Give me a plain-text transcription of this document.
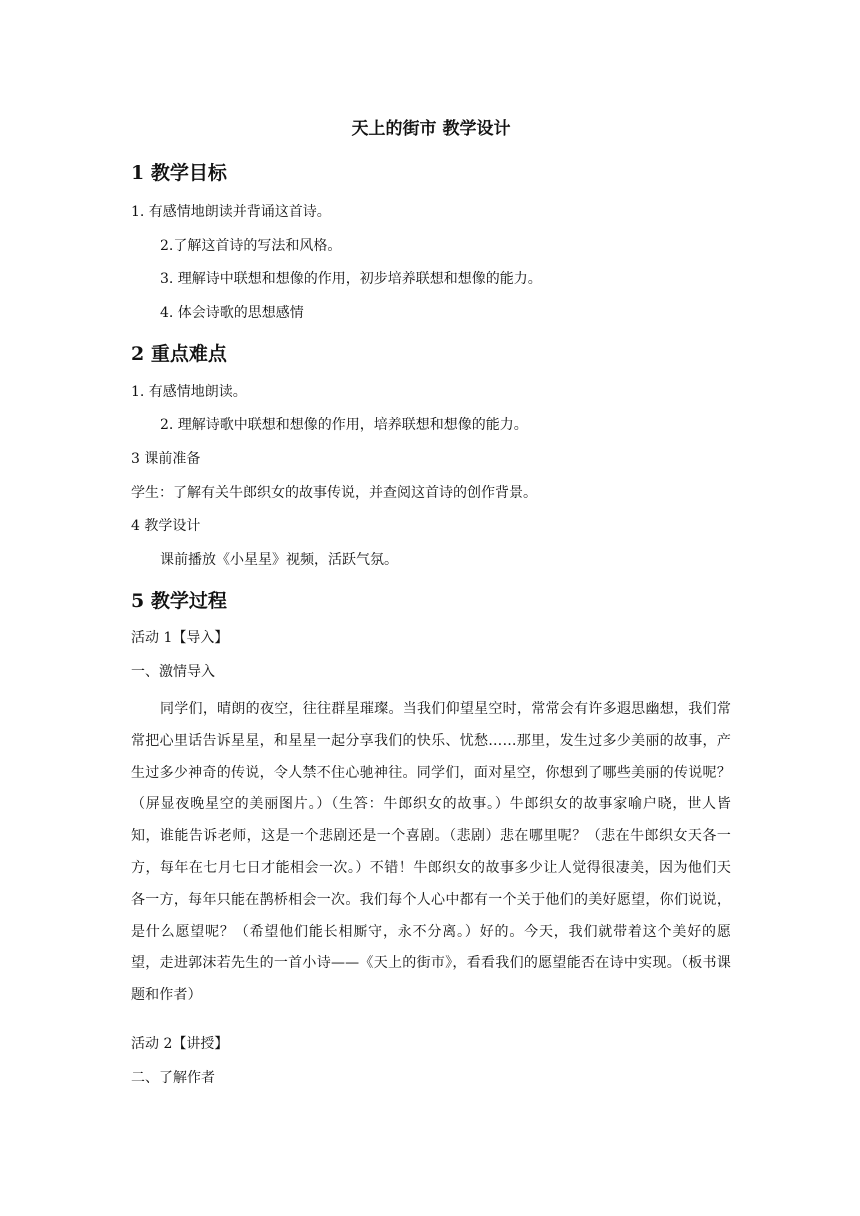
天上的街市 教学设计
1 教学目标
1. 有感情地朗读并背诵这首诗。
2.了解这首诗的写法和风格。
3. 理解诗中联想和想像的作用，初步培养联想和想像的能力。
4. 体会诗歌的思想感情
2 重点难点
1. 有感情地朗读。
2. 理解诗歌中联想和想像的作用，培养联想和想像的能力。
3 课前准备
学生：了解有关牛郎织女的故事传说，并查阅这首诗的创作背景。
4 教学设计
课前播放《小星星》视频，活跃气氛。
5 教学过程
活动 1【导入】
一、激情导入
同学们，晴朗的夜空，往往群星璀璨。当我们仰望星空时，常常会有许多遐思幽想，我们常常把心里话告诉星星，和星星一起分享我们的快乐、忧愁……那里，发生过多少美丽的故事，产生过多少神奇的传说，令人禁不住心驰神往。同学们，面对星空，你想到了哪些美丽的传说呢？（屏显夜晚星空的美丽图片。）（生答：牛郎织女的故事。）牛郎织女的故事家喻户晓，世人皆知，谁能告诉老师，这是一个悲剧还是一个喜剧。（悲剧）悲在哪里呢？（悲在牛郎织女天各一方，每年在七月七日才能相会一次。）不错！牛郎织女的故事多少让人觉得很凄美，因为他们天各一方，每年只能在鹊桥相会一次。我们每个人心中都有一个关于他们的美好愿望，你们说说，是什么愿望呢？（希望他们能长相厮守，永不分离。）好的。今天，我们就带着这个美好的愿望，走进郭沫若先生的一首小诗——《天上的街市》，看看我们的愿望能否在诗中实现。（板书课题和作者）
活动 2【讲授】
二、了解作者
